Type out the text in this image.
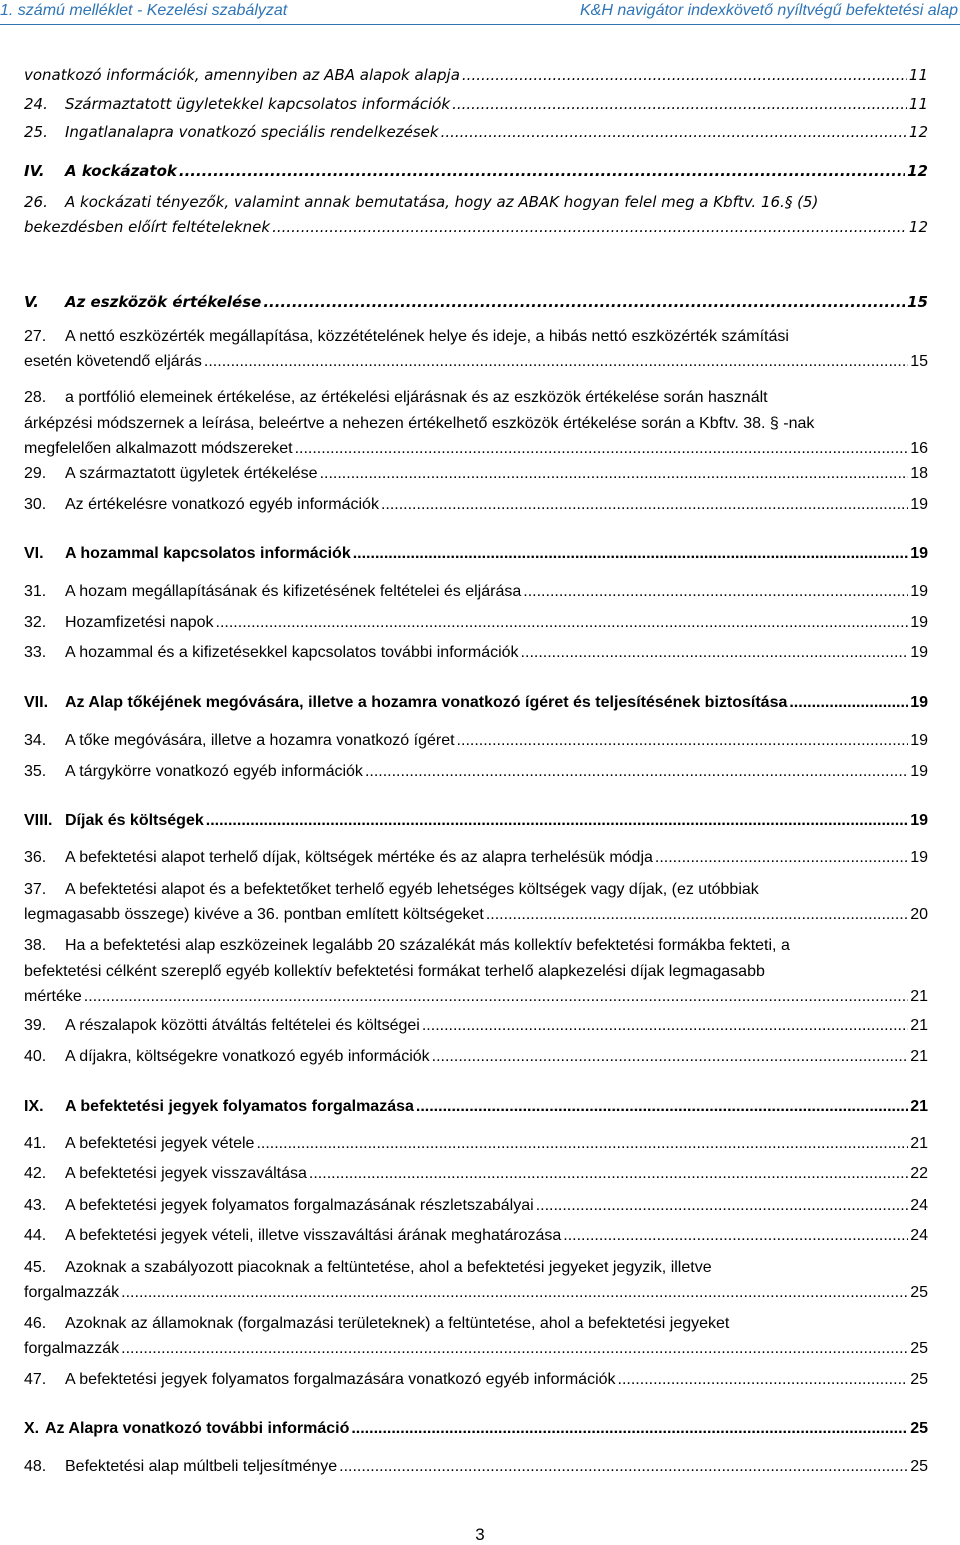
1. számú melléklet - Kezelési szabályzat	K&H navigátor indexkövető nyíltvégű befektetési alap
vonatkozó információk, amennyiben az ABA alapok alapja .....	11
24.	Származtatott ügyletekkel kapcsolatos információk .....	11
25.	Ingatlanalapra vonatkozó speciális rendelkezések .....	12
IV.	A kockázatok .....	12
26. A kockázati tényezők, valamint annak bemutatása, hogy az ABAK hogyan felel meg a Kbftv. 16.§ (5)
bekezdésben előírt feltételeknek .....	12
V.	Az eszközök értékelése .....	15
27. A nettó eszközérték megállapítása, közzétételének helye és ideje, a hibás nettó eszközérték számítási
esetén követendő eljárás .....	15
28. a portfólió elemeinek értékelése, az értékelési eljárásnak és az eszközök értékelése során használt
árképzési módszernek a leírása, beleértve a nehezen értékelhető eszközök értékelése során a Kbftv. 38. § -nak
megfelelően alkalmazott módszereket .....	16
29.	A származtatott ügyletek értékelése .....	18
30.	Az értékelésre vonatkozó egyéb információk .....	19
VI.	A hozammal kapcsolatos információk .....	19
31.	A hozam megállapításának és kifizetésének feltételei és eljárása .....	19
32.	Hozamfizetési napok .....	19
33.	A hozammal és a kifizetésekkel kapcsolatos további információk .....	19
VII.	Az Alap tőkéjének megóvására, illetve a hozamra vonatkozó ígéret és teljesítésének biztosítása .....	19
34.	A tőke megóvására, illetve a hozamra vonatkozó ígéret .....	19
35.	A tárgykörre vonatkozó egyéb információk .....	19
VIII. Díjak és költségek .....	19
36.	A befektetési alapot terhelő díjak, költségek mértéke és az alapra terhelésük módja .....	19
37. A befektetési alapot és a befektetőket terhelő egyéb lehetséges költségek vagy díjak, (ez utóbbiak
legmagasabb összege) kivéve a 36. pontban említett költségeket .....	20
38. Ha a befektetési alap eszközeinek legalább 20 százalékát más kollektív befektetési formákba fekteti, a
befektetési célként szereplő egyéb kollektív befektetési formákat terhelő alapkezelési díjak legmagasabb
mértéke .....	21
39.	A részalapok közötti átváltás feltételei és költségei .....	21
40.	A díjakra, költségekre vonatkozó egyéb információk .....	21
IX.	A befektetési jegyek folyamatos forgalmazása .....	21
41.	A befektetési jegyek vétele .....	21
42.	A befektetési jegyek visszaváltása .....	22
43.	A befektetési jegyek folyamatos forgalmazásának részletszabályai .....	24
44.	A befektetési jegyek vételi, illetve visszaváltási árának meghatározása .....	24
45. Azoknak a szabályozott piacoknak a feltüntetése, ahol a befektetési jegyeket jegyzik, illetve
forgalmazzák .....	25
46. Azoknak az államoknak (forgalmazási területeknek) a feltüntetése, ahol a befektetési jegyeket
forgalmazzák .....	25
47.	A befektetési jegyek folyamatos forgalmazására vonatkozó egyéb információk .....	25
X. Az Alapra vonatkozó további információ .....	25
48.	Befektetési alap múltbeli teljesítménye .....	25
3
